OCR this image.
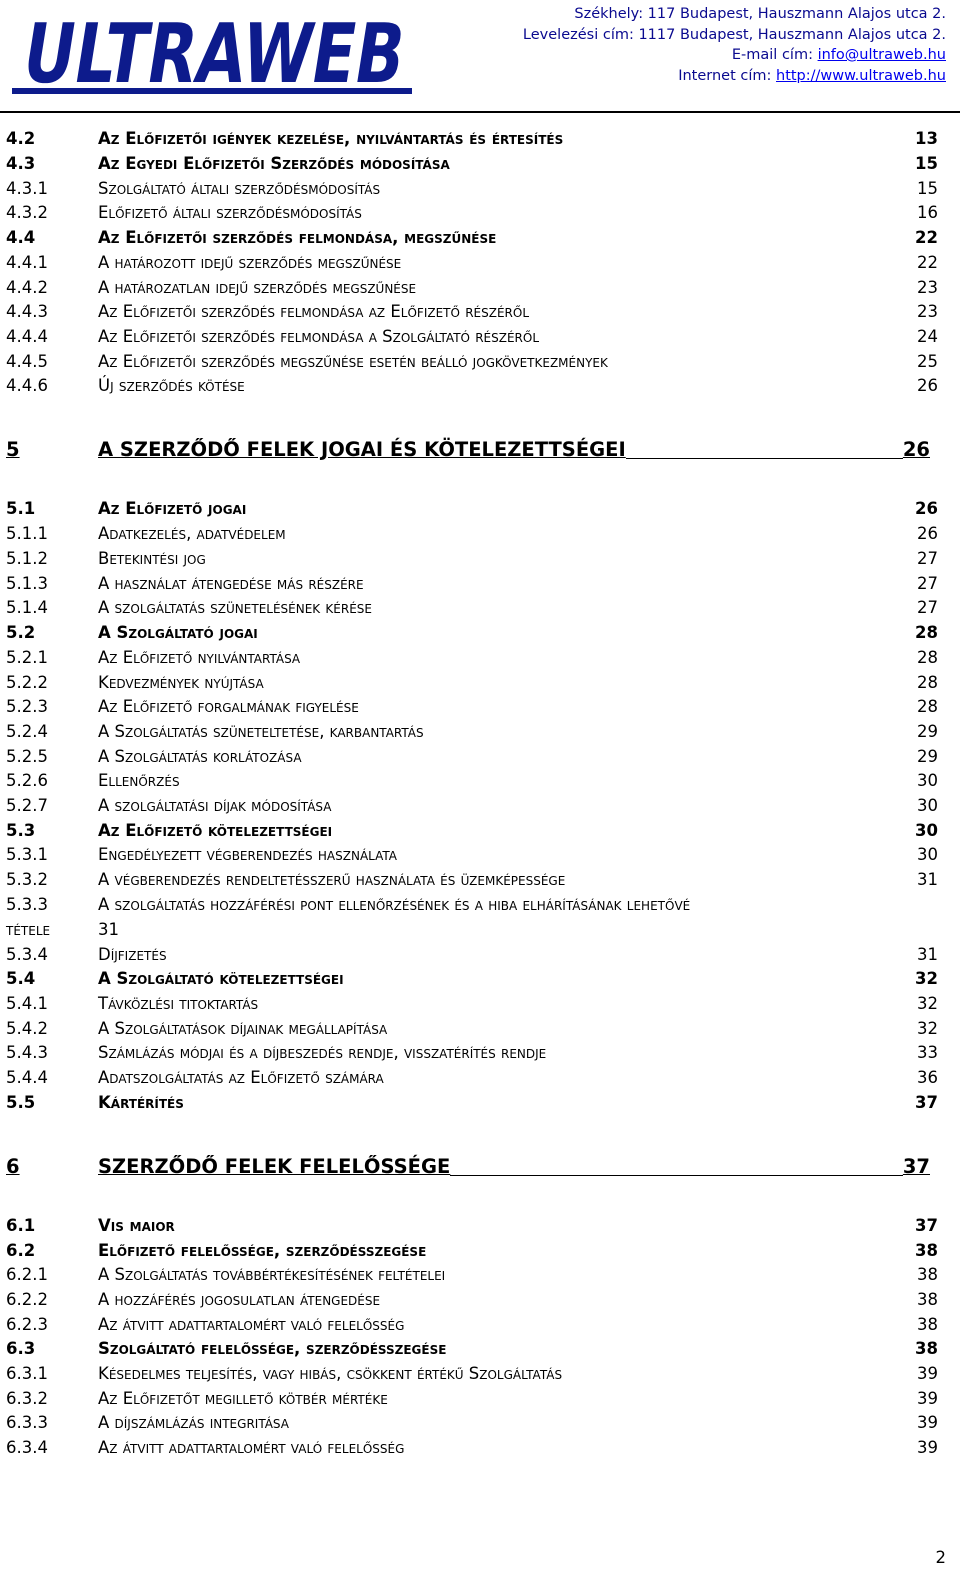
ULTRAWEB	Székhely: 117 Budapest, Hauszmann Alajos utca 2.
Levelezési cím: 1117 Budapest, Hauszmann Alajos utca 2.
E-mail cím: info@ultraweb.hu
Internet cím: http://www.ultraweb.hu
4.2	Az Előfizetői igények kezelése, nyilvántartás és értesítés	13
4.3	Az Egyedi Előfizetői Szerződés módosítása	15
4.3.1	Szolgáltató általi szerződésmódosítás	15
4.3.2	Előfizető általi szerződésmódosítás	16
4.4	Az Előfizetői szerződés felmondása, megszűnése	22
4.4.1	A határozott idejű szerződés megszűnése	22
4.4.2	A határozatlan idejű szerződés megszűnése	23
4.4.3	Az Előfizetői szerződés felmondása az Előfizető részéről	23
4.4.4	Az Előfizetői szerződés felmondása a Szolgáltató részéről	24
4.4.5	Az Előfizetői szerződés megszűnése esetén beálló jogkövetkezmények	25
4.4.6	Új szerződés kötése	26
5	A SZERZŐDŐ FELEK JOGAI ÉS KÖTELEZETTSÉGEI	26
5.1	Az Előfizető jogai	26
5.1.1	Adatkezelés, adatvédelem	26
5.1.2	Betekintési jog	27
5.1.3	A használat átengedése más részére	27
5.1.4	A szolgáltatás szünetelésének kérése	27
5.2	A Szolgáltató jogai	28
5.2.1	Az Előfizető nyilvántartása	28
5.2.2	Kedvezmények nyújtása	28
5.2.3	Az Előfizető forgalmának figyelése	28
5.2.4	A Szolgáltatás szüneteltetése, karbantartás	29
5.2.5	A Szolgáltatás korlátozása	29
5.2.6	Ellenőrzés	30
5.2.7	A szolgáltatási díjak módosítása	30
5.3	Az Előfizető kötelezettségei	30
5.3.1	Engedélyezett végberendezés használata	30
5.3.2	A végberendezés rendeltetésszerű használata és üzemképessége	31
5.3.3	A szolgáltatás hozzáférési pont ellenőrzésének és a hiba elhárításának lehetővé
tétele	31
5.3.4	Díjfizetés	31
5.4	A Szolgáltató kötelezettségei	32
5.4.1	Távközlési titoktartás	32
5.4.2	A Szolgáltatások díjainak megállapítása	32
5.4.3	Számlázás módjai és a díjbeszedés rendje, visszatérítés rendje	33
5.4.4	Adatszolgáltatás az Előfizető számára	36
5.5	Kártérítés	37
6	SZERZŐDŐ FELEK FELELŐSSÉGE	37
6.1	Vis maior	37
6.2	Előfizető felelőssége, szerződésszegése	38
6.2.1	A Szolgáltatás továbbértékesítésének feltételei	38
6.2.2	A hozzáférés jogosulatlan átengedése	38
6.2.3	Az átvitt adattartalomért való felelősség	38
6.3	Szolgáltató felelőssége, szerződésszegése	38
6.3.1	Késedelmes teljesítés, vagy hibás, csökkent értékű Szolgáltatás	39
6.3.2	Az Előfizetőt megillető kötbér mértéke	39
6.3.3	A díjszámlázás integritása	39
6.3.4	Az átvitt adattartalomért való felelősség	39
2
